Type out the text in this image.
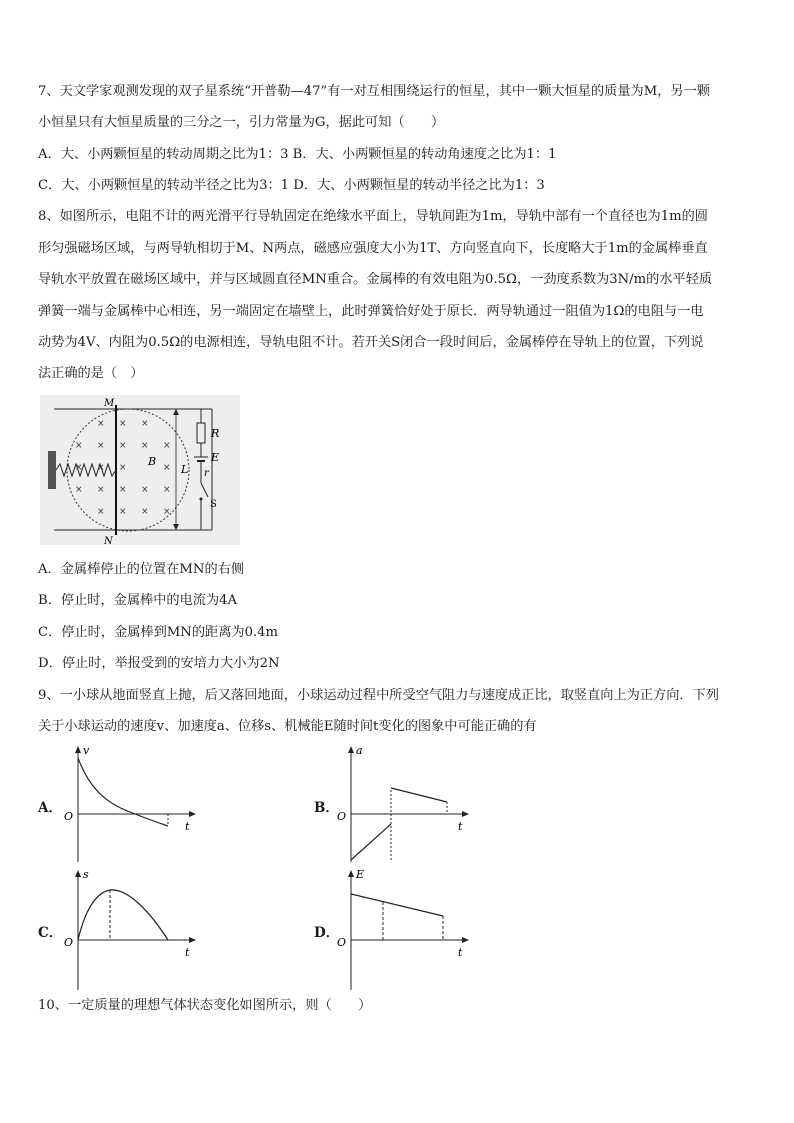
7、天文学家观测发现的双子星系统“开普勒—47”有一对互相围绕运行的恒星，其中一颗大恒星的质量为M，另一颗
小恒星只有大恒星质量的三分之一，引力常量为G，据此可知（　　）
A．大、小两颗恒星的转动周期之比为1：3 B．大、小两颗恒星的转动角速度之比为1：1
C．大、小两颗恒星的转动半径之比为3：1 D．大、小两颗恒星的转动半径之比为1：3
8、如图所示，电阻不计的两光滑平行导轨固定在绝缘水平面上，导轨间距为1m，导轨中部有一个直径也为1m的圆
形匀强磁场区域，与两导轨相切于M、N两点，磁感应强度大小为1T、方向竖直向下，长度略大于1m的金属棒垂直
导轨水平放置在磁场区域中，并与区域圆直径MN重合。金属棒的有效电阻为0.5Ω，一劲度系数为3N/m的水平轻质
弹簧一端与金属棒中心相连，另一端固定在墙壁上，此时弹簧恰好处于原长．两导轨通过一阻值为1Ω的电阻与一电
动势为4V、内阻为0.5Ω的电源相连，导轨电阻不计。若开关S闭合一段时间后，金属棒停在导轨上的位置，下列说
法正确的是（　）
× × ×
× × × × ×
× × ×	×
× × × × ×
× × × ×
B
M
N
L
R
E
r
S
A．金属棒停止的位置在MN的右侧
B．停止时，金属棒中的电流为4A
C．停止时，金属棒到MN的距离为0.4m
D．停止时，举报受到的安培力大小为2N
9、一小球从地面竖直上抛，后又落回地面，小球运动过程中所受空气阻力与速度成正比，取竖直向上为正方向．下列
关于小球运动的速度v、加速度a、位移s、机械能E随时间t变化的图象中可能正确的有
A．	B．
C．	D．
v
O
t
a
O
t
s
O
t
E
O
t
10、一定质量的理想气体状态变化如图所示，则（　　）
